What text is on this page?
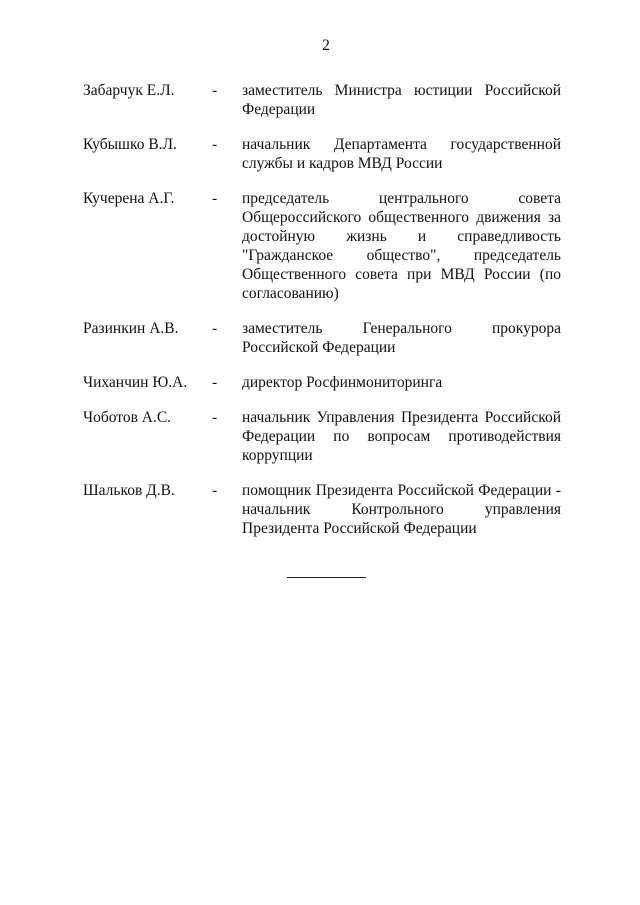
2
Забарчук Е.Л. - заместитель Министра юстиции Российской Федерации
Кубышко В.Л. - начальник Департамента государственной службы и кадров МВД России
Кучерена А.Г. - председатель центрального совета Общероссийского общественного движения за достойную жизнь и справедливость "Гражданское общество", председатель Общественного совета при МВД России (по согласованию)
Разинкин А.В. - заместитель Генерального прокурора Российской Федерации
Чиханчин Ю.А. - директор Росфинмониторинга
Чоботов А.С.	- начальник Управления Президента Российской Федерации по вопросам противодействия коррупции
Шальков Д.В. - помощник Президента Российской Федерации - начальник Контрольного управления Президента Российской Федерации
